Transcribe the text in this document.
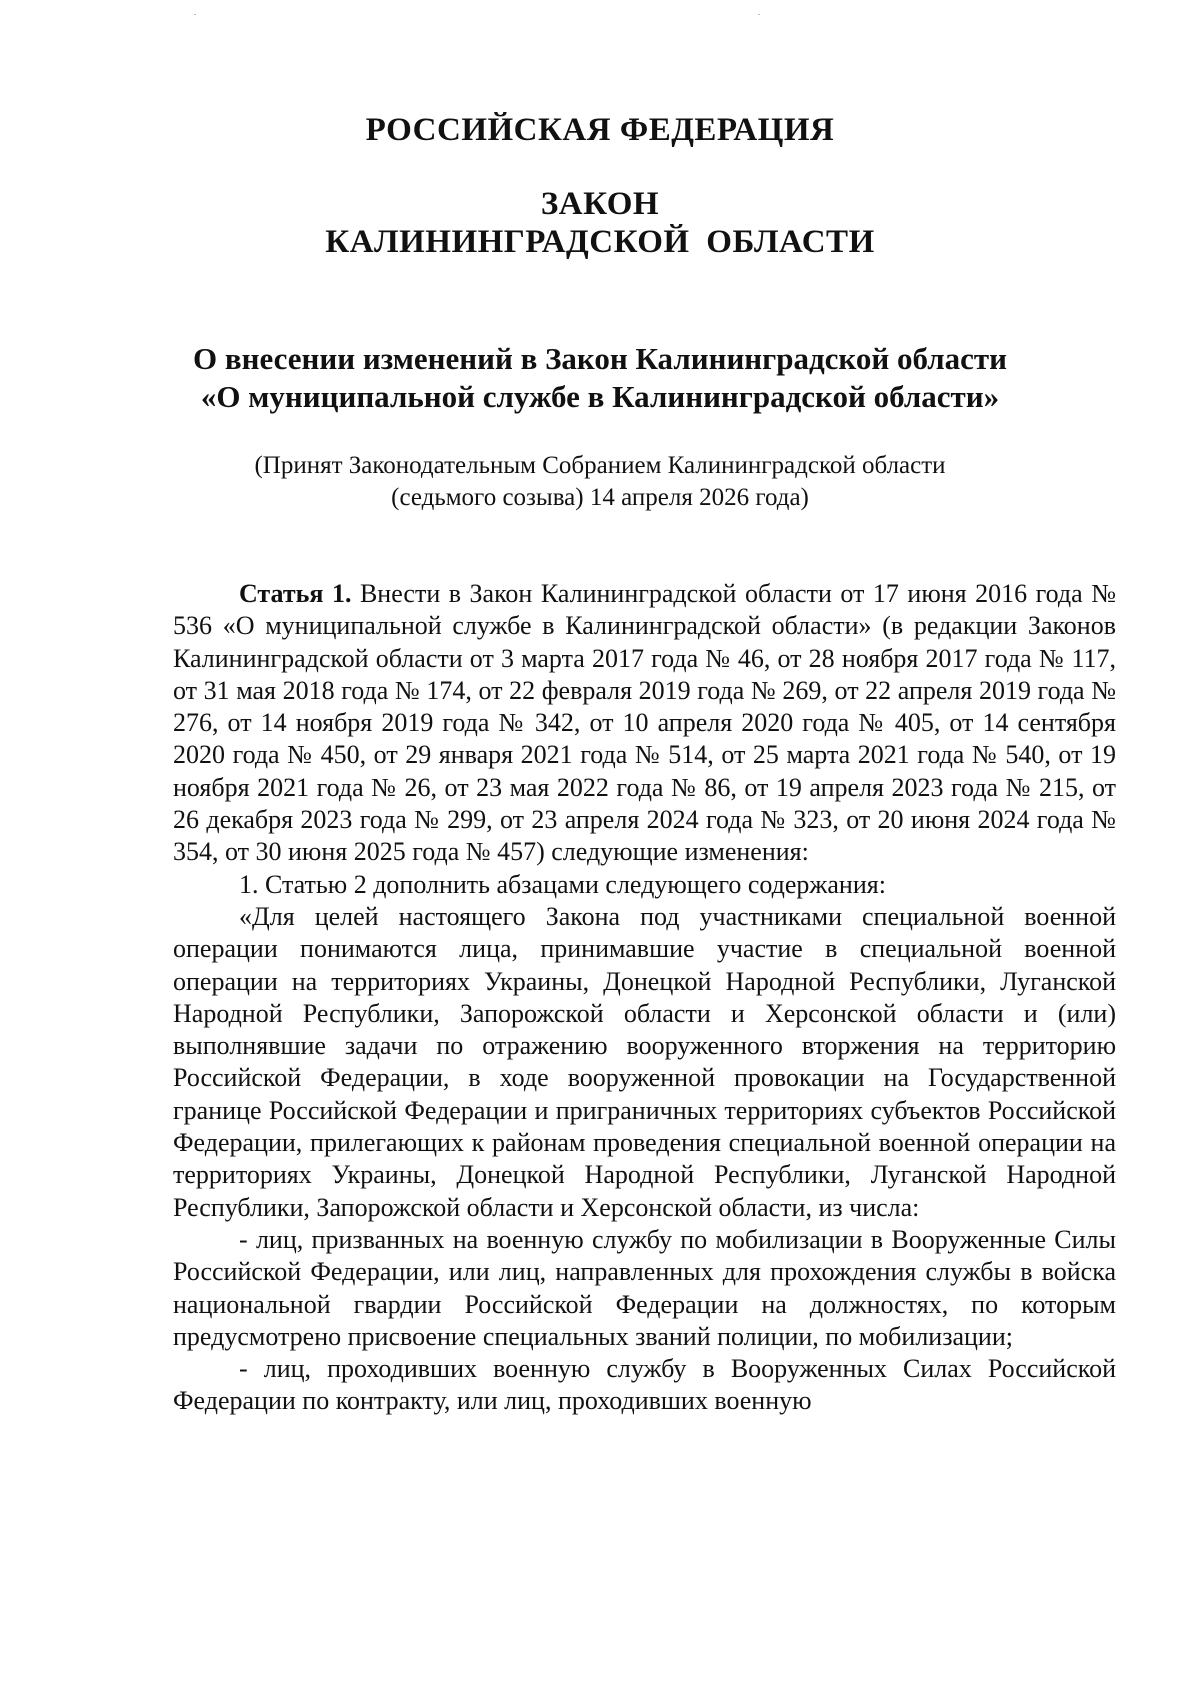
РОССИЙСКАЯ ФЕДЕРАЦИЯ

ЗАКОН

КАЛИНИНГРАДСКОЙ ОБЛАСТИ

О внесении изменений в Закон Калининградской области
«О муниципальной службе в Калининградской области»
(Принят Законодательным Собранием Калининградской области
(седьмого созыва) 14 апреля 2026 года)

Статья 1. Внести в Закон Калининградской области от 17 июня 2016 года № 536 «О муниципальной службе в Калининградской области» (в редакции Законов Калининградской области от 3 марта 2017 года № 46, от 28 ноября 2017 года № 117, от 31 мая 2018 года № 174, от 22 февраля 2019 года № 269, от 22 апреля 2019 года № 276, от 14 ноября 2019 года № 342, от 10 апреля 2020 года № 405, от 14 сентября 2020 года № 450, от 29 января 2021 года № 514, от 25 марта 2021 года № 540, от 19 ноября 2021 года № 26, от 23 мая 2022 года № 86, от 19 апреля 2023 года № 215, от 26 декабря 2023 года № 299, от 23 апреля 2024 года № 323, от 20 июня 2024 года № 354, от 30 июня 2025 года № 457) следующие изменения:

1. Статью 2 дополнить абзацами следующего содержания:

«Для целей настоящего Закона под участниками специальной военной операции понимаются лица, принимавшие участие в специальной военной операции на территориях Украины, Донецкой Народной Республики, Луганской Народной Республики, Запорожской области и Херсонской области и (или) выполнявшие задачи по отражению вооруженного вторжения на территорию Российской Федерации, в ходе вооруженной провокации на Государственной границе Российской Федерации и приграничных территориях субъектов Российской Федерации, прилегающих к районам проведения специальной военной операции на территориях Украины, Донецкой Народной Республики, Луганской Народной Республики, Запорожской области и Херсонской области, из числа:

- лиц, призванных на военную службу по мобилизации в Вооруженные Силы Российской Федерации, или лиц, направленных для прохождения службы в войска национальной гвардии Российской Федерации на должностях, по которым предусмотрено присвоение специальных званий полиции, по мобилизации;

- лиц, проходивших военную службу в Вооруженных Силах Российской Федерации по контракту, или лиц, проходивших военную
